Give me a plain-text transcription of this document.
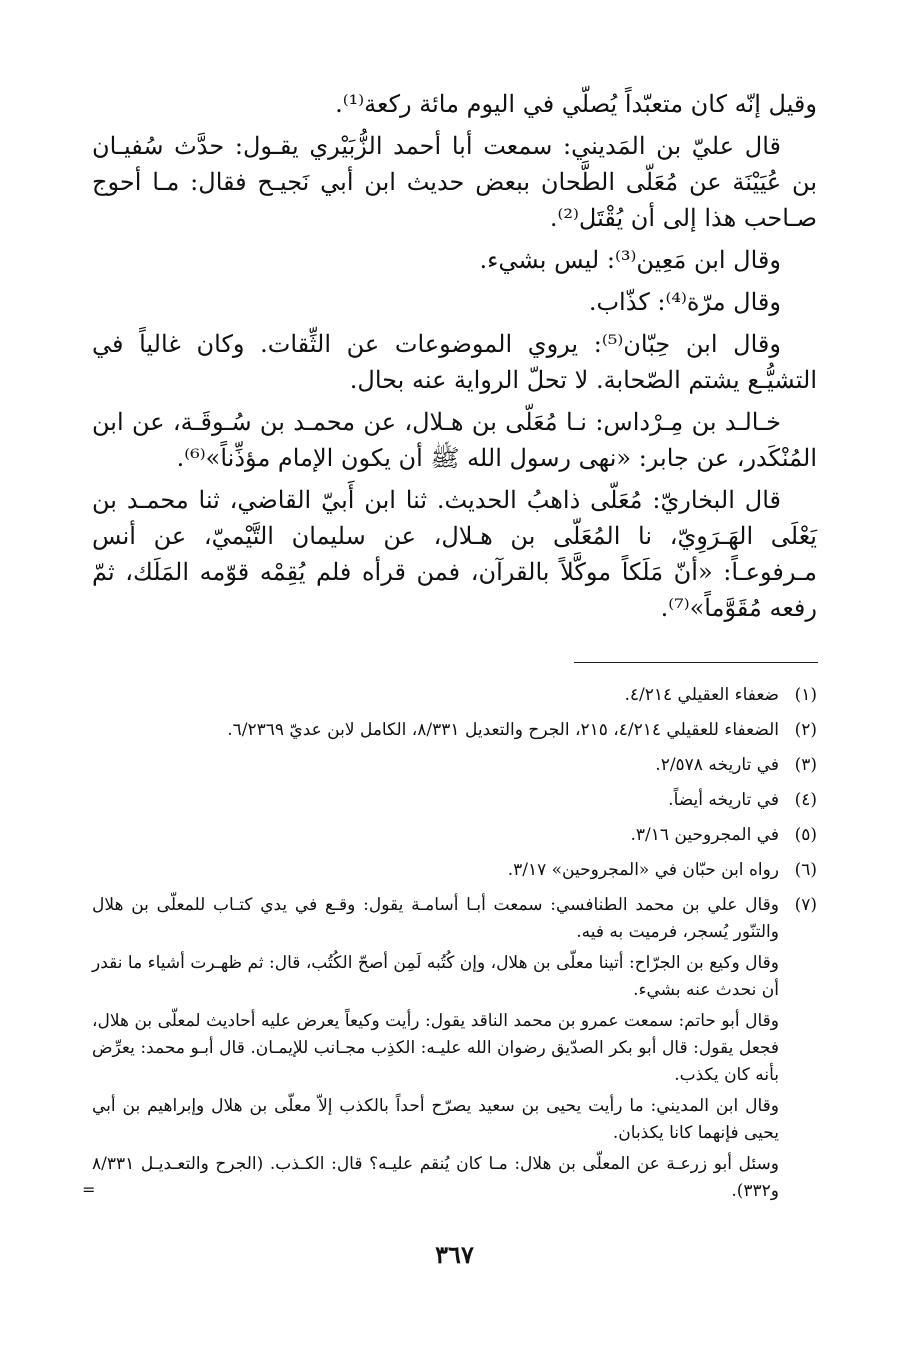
وقيل إنّه كان متعبّداً يُصلّي في اليوم مائة ركعة⁽¹⁾.

قال عليّ بن المَديني: سمعت أبا أحمد الزُّبَيْري يقـول: حدَّث سُفيـان بن عُيَيْنَة عن مُعَلّى الطَّحان ببعض حديث ابن أبي نَجيـح فقال: مـا أحوج صـاحب هذا إلى أن يُقْتَل⁽²⁾.

وقال ابن مَعِين⁽³⁾: ليس بشيء.

وقال مرّة⁽⁴⁾: كذّاب.

وقال ابن حِبّان⁽⁵⁾: يروي الموضوعات عن الثِّقات. وكان غالياً في التشيُّـع يشتم الصّحابة. لا تحلّ الرواية عنه بحال.

خـالـد بن مِـرْداس: نـا مُعَلّى بن هـلال، عن محمـد بن سُـوقَـة، عن ابن المُنْكَدر، عن جابر: «نهى رسول الله ﷺ أن يكون الإمام مؤذِّناً»⁽⁶⁾.

قال البخاريّ: مُعَلّى ذاهبُ الحديث. ثنا ابن أَبيّ القاضي، ثنا محمـد بن يَعْلَى الهَـرَوِيّ، نا المُعَلّى بن هـلال، عن سليمان التَّيْميّ، عن أنس مـرفوعـاً: «أنّ مَلَكاً موكَّلاً بالقرآن، فمن قرأه فلم يُقِمْه قوّمه المَلَك، ثمّ رفعه مُقَوَّماً»⁽⁷⁾.

(١)

ضعفاء العقيلي ٤/٢١٤.

(٢)

الضعفاء للعقيلي ٤/٢١٤، ٢١٥، الجرح والتعديل ٨/٣٣١، الكامل لابن عديّ ٦/٢٣٦٩.

(٣)

في تاريخه ٢/٥٧٨.

(٤)

في تاريخه أيضاً.

(٥)

في المجروحين ٣/١٦.

(٦)

رواه ابن حبّان في «المجروحين» ٣/١٧.

(٧)

وقال علي بن محمد الطنافسي: سمعت أبـا أسامـة يقول: وقـع في يدي كتـاب للمعلّى بن هلال والتنّور يُسجر، فرميت به فيه.

وقال وكيع بن الجرّاح: أتينا معلّى بن هلال، وإن كُتُبه لَمِن أصحّ الكُتُب، قال: ثم ظهـرت أشياء ما نقدر أن نحدث عنه بشيء.

وقال أبو حاتم: سمعت عمرو بن محمد الناقد يقول: رأيت وكيعاً يعرض عليه أحاديث لمعلّى بن هلال، فجعل يقول: قال أبو بكر الصدّيق رضوان الله عليـه: الكذِب مجـانب للإيمـان. قال أبـو محمد: يعرِّض بأنه كان يكذب.

وقال ابن المديني: ما رأيت يحيى بن سعيد يصرّح أحداً بالكذب إلاّ معلّى بن هلال وإبراهيم بن أبي يحيى فإنهما كانا يكذبان.

وسئل أبو زرعـة عن المعلّى بن هلال: مـا كان يُنقم عليـه؟ قال: الكـذب. (الجرح والتعـديـل ٨/٣٣١ و٣٣٢).

=
٣٦٧
